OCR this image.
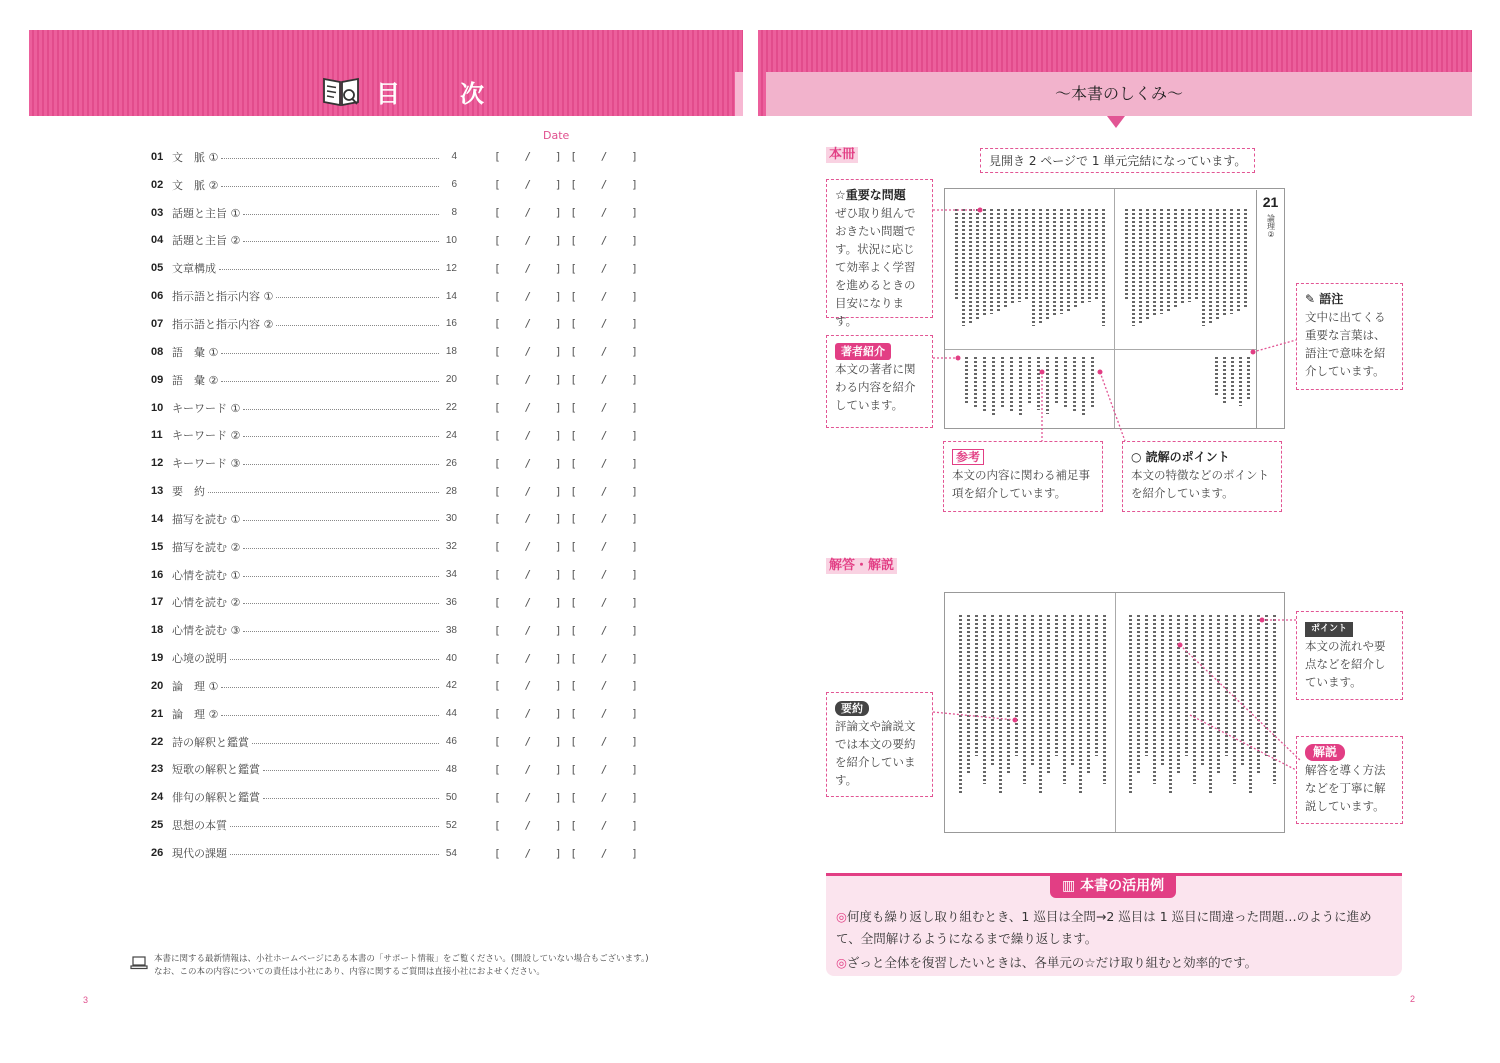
目　次
Date
01 文　脈 ①	4	[   /   ] [   /   ]
02 文　脈 ②	6	[   /   ] [   /   ]
03 話題と主旨 ①	8	[   /   ] [   /   ]
04 話題と主旨 ②	10	[   /   ] [   /   ]
05 文章構成	12	[   /   ] [   /   ]
06 指示語と指示内容 ①	14	[   /   ] [   /   ]
07 指示語と指示内容 ②	16	[   /   ] [   /   ]
08 語　彙 ①	18	[   /   ] [   /   ]
09 語　彙 ②	20	[   /   ] [   /   ]
10 キーワード ①	22	[   /   ] [   /   ]
11 キーワード ②	24	[   /   ] [   /   ]
12 キーワード ③	26	[   /   ] [   /   ]
13 要　約	28	[   /   ] [   /   ]
14 描写を読む ①	30	[   /   ] [   /   ]
15 描写を読む ②	32	[   /   ] [   /   ]
16 心情を読む ①	34	[   /   ] [   /   ]
17 心情を読む ②	36	[   /   ] [   /   ]
18 心情を読む ③	38	[   /   ] [   /   ]
19 心境の説明	40	[   /   ] [   /   ]
20 論　理 ①	42	[   /   ] [   /   ]
21 論　理 ②	44	[   /   ] [   /   ]
22 詩の解釈と鑑賞	46	[   /   ] [   /   ]
23 短歌の解釈と鑑賞	48	[   /   ] [   /   ]
24 俳句の解釈と鑑賞	50	[   /   ] [   /   ]
25 思想の本質	52	[   /   ] [   /   ]
26 現代の課題	54	[   /   ] [   /   ]
本書に関する最新情報は、小社ホームページにある本書の「サポート情報」をご覧ください。(開設していない場合もございます。)
なお、この本の内容についての責任は小社にあり、内容に関するご質問は直接小社におよせください。
3
〜本書のしくみ〜
本冊	見開き 2 ページで 1 単元完結になっています。
21
論理②
☆重要な問題
ぜひ取り組んでおきたい問題です。状況に応じて効率よく学習を進めるときの目安になります。
著者紹介
本文の著者に関わる内容を紹介しています。
✎ 語注
文中に出てくる重要な言葉は、語注で意味を紹介しています。
参考
本文の内容に関わる補足事項を紹介しています。
○ 読解のポイント
本文の特徴などのポイントを紹介しています。
解答・解説
ポイント
本文の流れや要点などを紹介しています。
要約
評論文や論説文では本文の要約を紹介しています。
解説
解答を導く方法などを丁寧に解説しています。
▥ 本書の活用例
◎何度も繰り返し取り組むとき、1 巡目は全問→2 巡目は 1 巡目に間違った問題…のように進めて、全問解けるようになるまで繰り返します。
◎ざっと全体を復習したいときは、各単元の☆だけ取り組むと効率的です。
2
